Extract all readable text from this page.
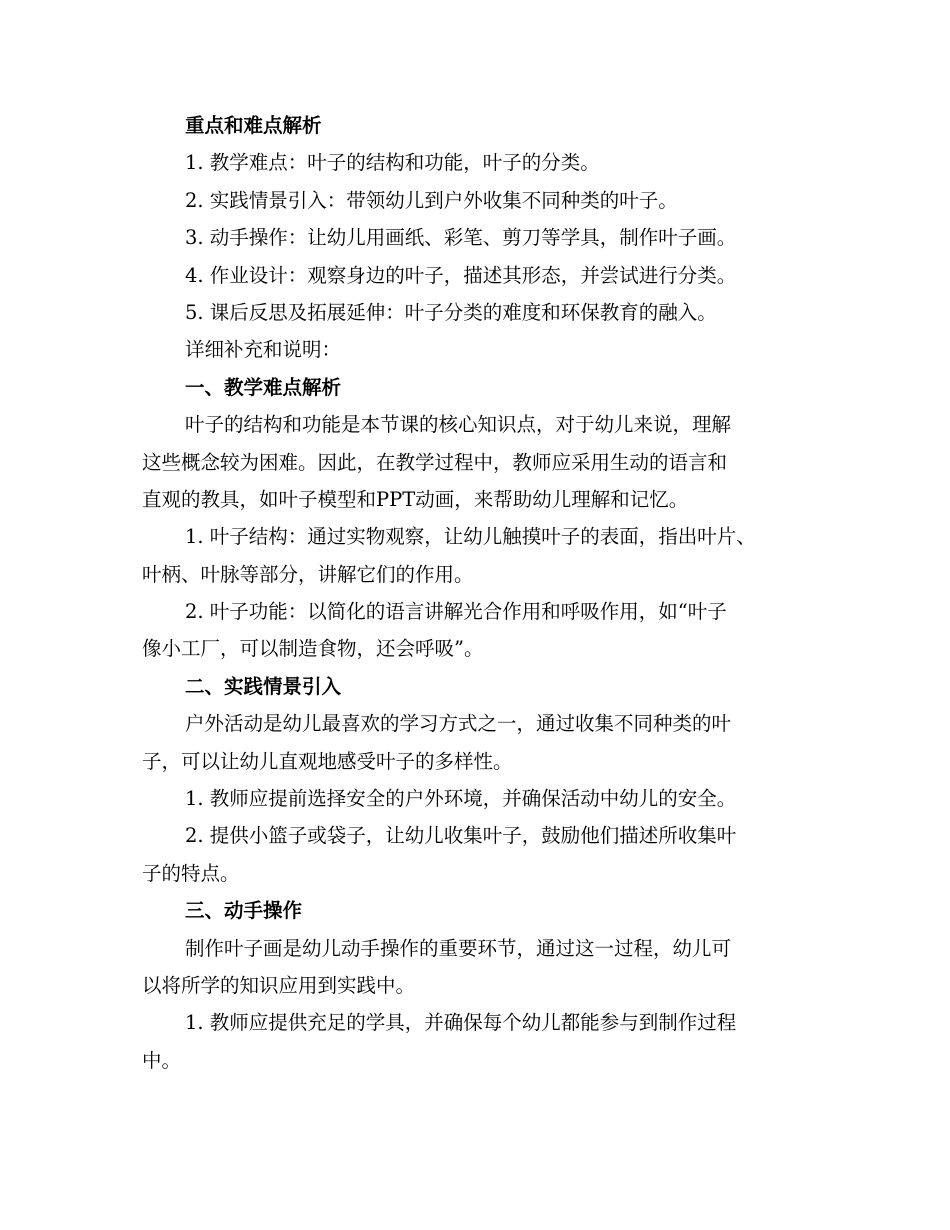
重点和难点解析
1. 教学难点：叶子的结构和功能，叶子的分类。
2. 实践情景引入：带领幼儿到户外收集不同种类的叶子。
3. 动手操作：让幼儿用画纸、彩笔、剪刀等学具，制作叶子画。
4. 作业设计：观察身边的叶子，描述其形态，并尝试进行分类。
5. 课后反思及拓展延伸：叶子分类的难度和环保教育的融入。
详细补充和说明：
一、教学难点解析
叶子的结构和功能是本节课的核心知识点，对于幼儿来说，理解
这些概念较为困难。因此，在教学过程中，教师应采用生动的语言和
直观的教具，如叶子模型和PPT动画，来帮助幼儿理解和记忆。
1. 叶子结构：通过实物观察，让幼儿触摸叶子的表面，指出叶片、
叶柄、叶脉等部分，讲解它们的作用。
2. 叶子功能：以简化的语言讲解光合作用和呼吸作用，如“叶子
像小工厂，可以制造食物，还会呼吸”。
二、实践情景引入
户外活动是幼儿最喜欢的学习方式之一，通过收集不同种类的叶
子，可以让幼儿直观地感受叶子的多样性。
1. 教师应提前选择安全的户外环境，并确保活动中幼儿的安全。
2. 提供小篮子或袋子，让幼儿收集叶子，鼓励他们描述所收集叶
子的特点。
三、动手操作
制作叶子画是幼儿动手操作的重要环节，通过这一过程，幼儿可
以将所学的知识应用到实践中。
1. 教师应提供充足的学具，并确保每个幼儿都能参与到制作过程
中。
